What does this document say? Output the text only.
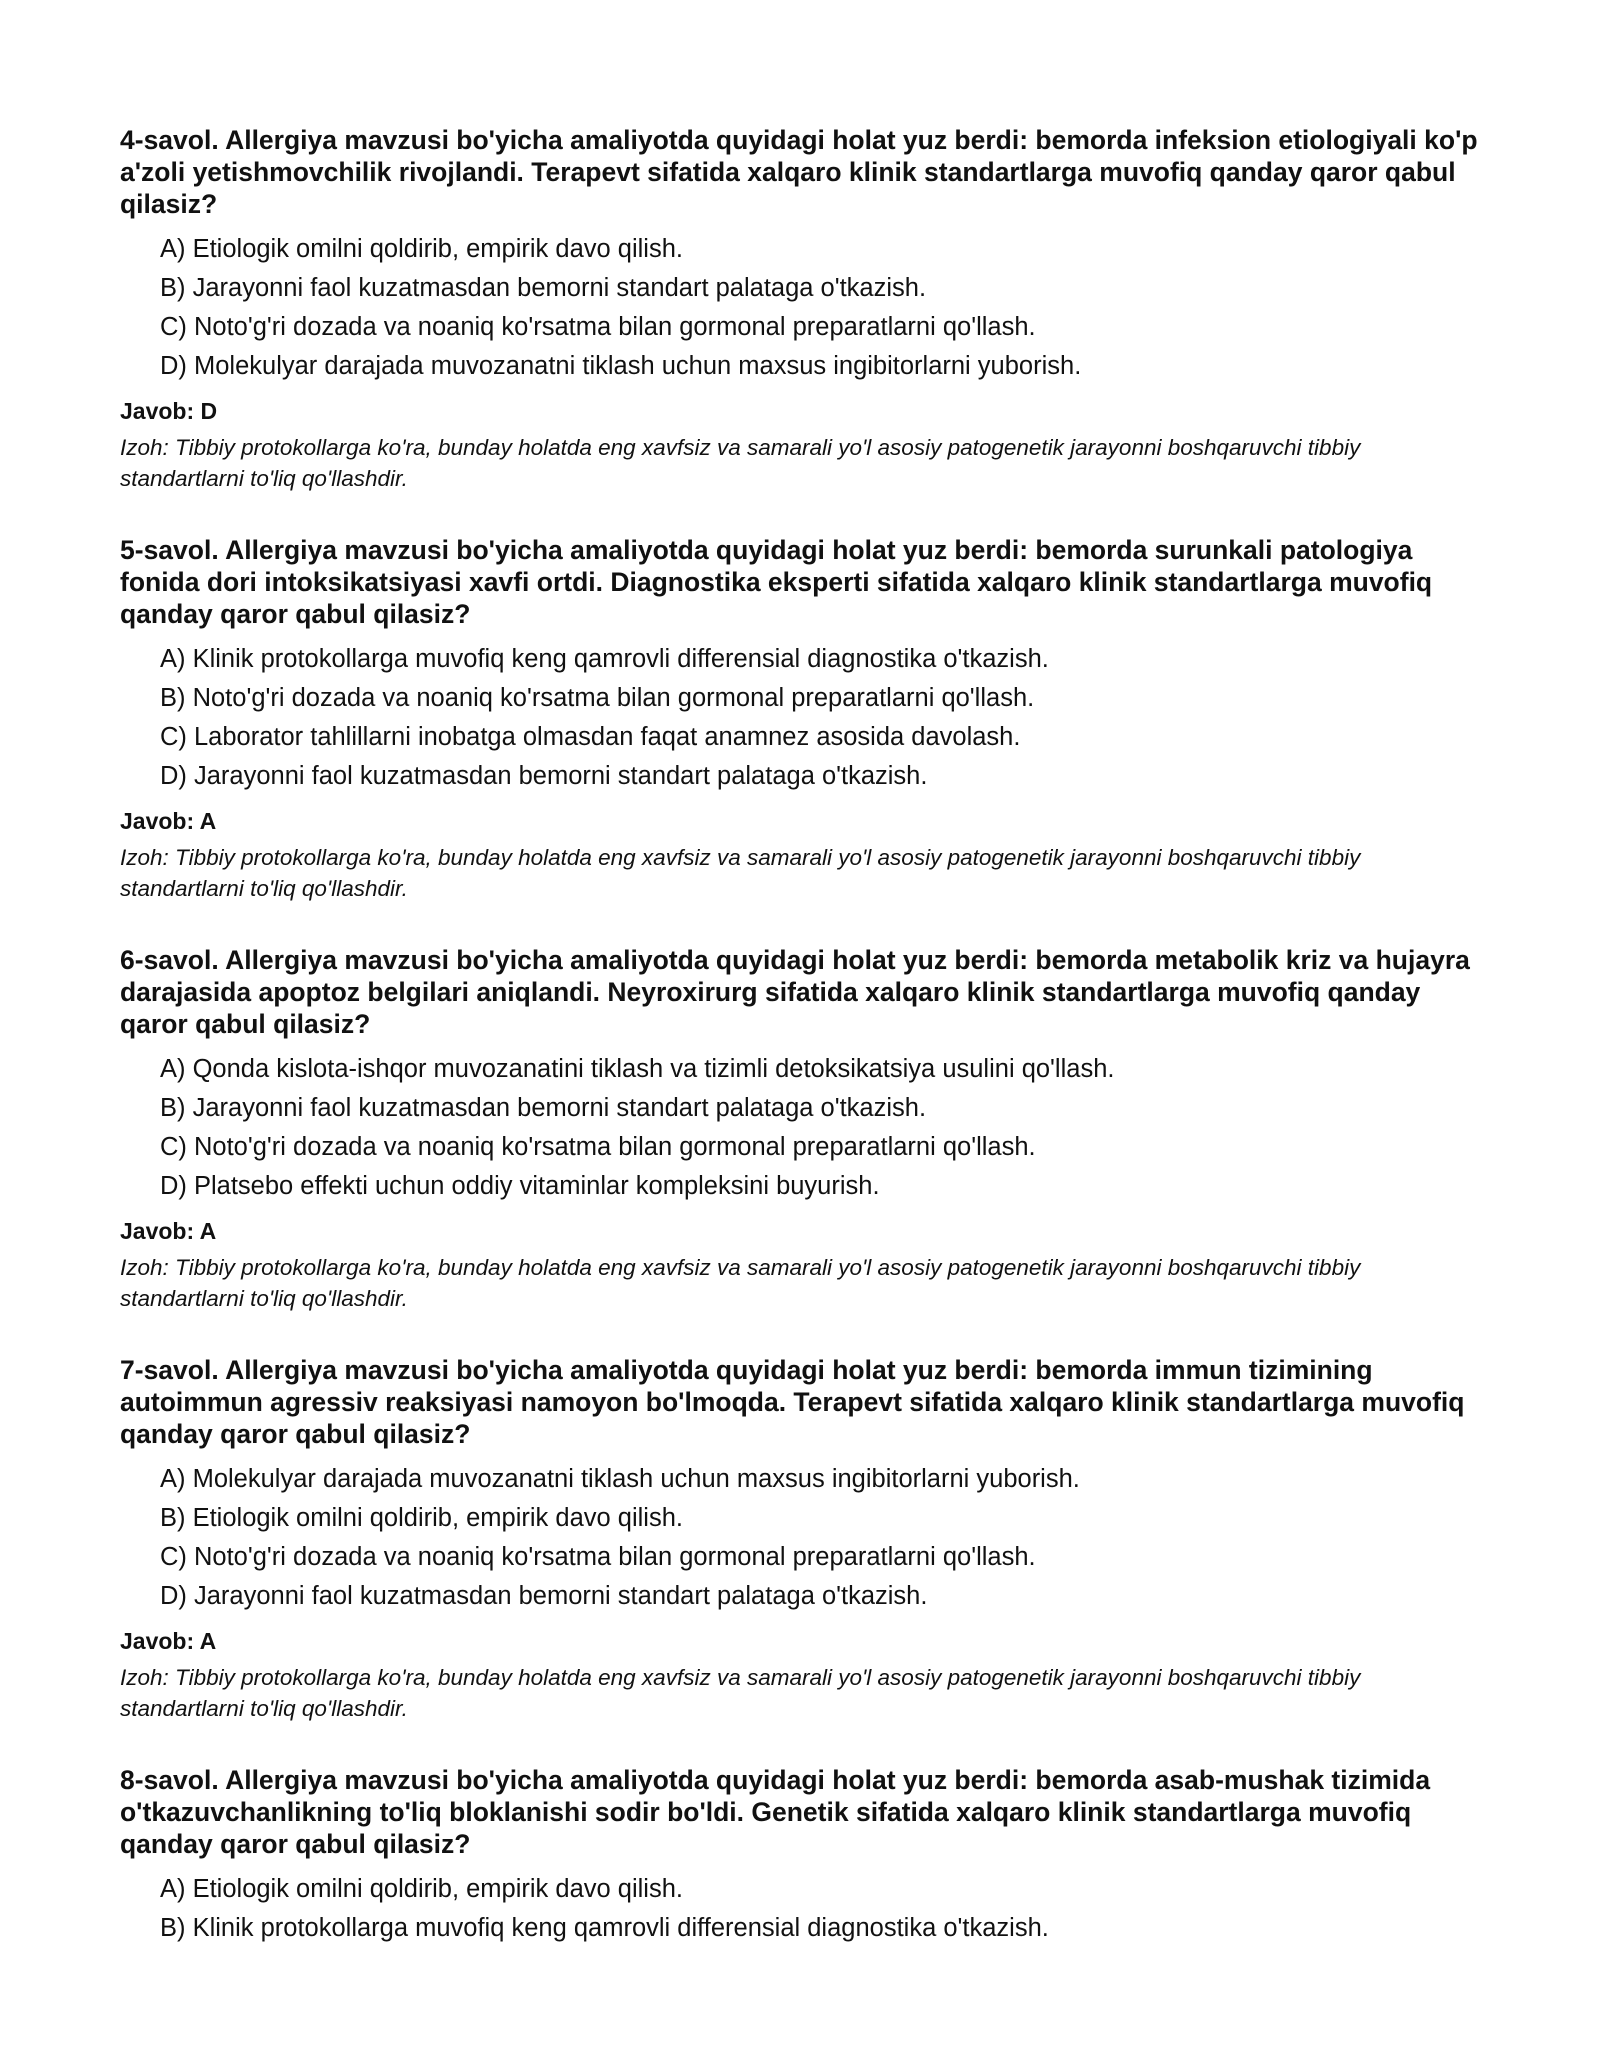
4-savol. Allergiya mavzusi bo'yicha amaliyotda quyidagi holat yuz berdi: bemorda infeksion etiologiyali ko'p a'zoli yetishmovchilik rivojlandi. Terapevt sifatida xalqaro klinik standartlarga muvofiq qanday qaror qabul qilasiz?

A) Etiologik omilni qoldirib, empirik davo qilish.
B) Jarayonni faol kuzatmasdan bemorni standart palataga o'tkazish.
C) Noto'g'ri dozada va noaniq ko'rsatma bilan gormonal preparatlarni qo'llash.
D) Molekulyar darajada muvozanatni tiklash uchun maxsus ingibitorlarni yuborish.
Javob: D
Izoh: Tibbiy protokollarga ko'ra, bunday holatda eng xavfsiz va samarali yo'l asosiy patogenetik jarayonni boshqaruvchi tibbiy standartlarni to'liq qo'llashdir.

5-savol. Allergiya mavzusi bo'yicha amaliyotda quyidagi holat yuz berdi: bemorda surunkali patologiya fonida dori intoksikatsiyasi xavfi ortdi. Diagnostika eksperti sifatida xalqaro klinik standartlarga muvofiq qanday qaror qabul qilasiz?

A) Klinik protokollarga muvofiq keng qamrovli differensial diagnostika o'tkazish.
B) Noto'g'ri dozada va noaniq ko'rsatma bilan gormonal preparatlarni qo'llash.
C) Laborator tahlillarni inobatga olmasdan faqat anamnez asosida davolash.
D) Jarayonni faol kuzatmasdan bemorni standart palataga o'tkazish.
Javob: A
Izoh: Tibbiy protokollarga ko'ra, bunday holatda eng xavfsiz va samarali yo'l asosiy patogenetik jarayonni boshqaruvchi tibbiy standartlarni to'liq qo'llashdir.

6-savol. Allergiya mavzusi bo'yicha amaliyotda quyidagi holat yuz berdi: bemorda metabolik kriz va hujayra darajasida apoptoz belgilari aniqlandi. Neyroxirurg sifatida xalqaro klinik standartlarga muvofiq qanday qaror qabul qilasiz?

A) Qonda kislota-ishqor muvozanatini tiklash va tizimli detoksikatsiya usulini qo'llash.
B) Jarayonni faol kuzatmasdan bemorni standart palataga o'tkazish.
C) Noto'g'ri dozada va noaniq ko'rsatma bilan gormonal preparatlarni qo'llash.
D) Platsebo effekti uchun oddiy vitaminlar kompleksini buyurish.
Javob: A
Izoh: Tibbiy protokollarga ko'ra, bunday holatda eng xavfsiz va samarali yo'l asosiy patogenetik jarayonni boshqaruvchi tibbiy standartlarni to'liq qo'llashdir.

7-savol. Allergiya mavzusi bo'yicha amaliyotda quyidagi holat yuz berdi: bemorda immun tizimining autoimmun agressiv reaksiyasi namoyon bo'lmoqda. Terapevt sifatida xalqaro klinik standartlarga muvofiq qanday qaror qabul qilasiz?

A) Molekulyar darajada muvozanatni tiklash uchun maxsus ingibitorlarni yuborish.
B) Etiologik omilni qoldirib, empirik davo qilish.
C) Noto'g'ri dozada va noaniq ko'rsatma bilan gormonal preparatlarni qo'llash.
D) Jarayonni faol kuzatmasdan bemorni standart palataga o'tkazish.
Javob: A
Izoh: Tibbiy protokollarga ko'ra, bunday holatda eng xavfsiz va samarali yo'l asosiy patogenetik jarayonni boshqaruvchi tibbiy standartlarni to'liq qo'llashdir.

8-savol. Allergiya mavzusi bo'yicha amaliyotda quyidagi holat yuz berdi: bemorda asab-mushak tizimida o'tkazuvchanlikning to'liq bloklanishi sodir bo'ldi. Genetik sifatida xalqaro klinik standartlarga muvofiq qanday qaror qabul qilasiz?

A) Etiologik omilni qoldirib, empirik davo qilish.
B) Klinik protokollarga muvofiq keng qamrovli differensial diagnostika o'tkazish.
